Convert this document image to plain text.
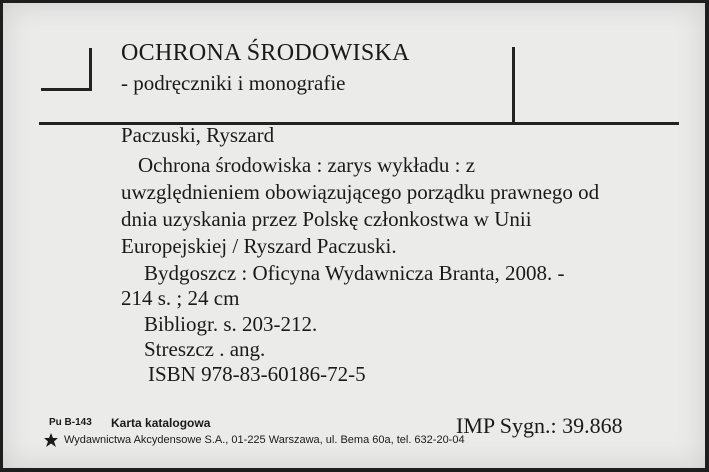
OCHRONA ŚRODOWISKA
- podręczniki i monografie
Paczuski, Ryszard
Ochrona środowiska : zarys wykładu : z
uwzględnieniem obowiązującego porządku prawnego od
dnia uzyskania przez Polskę członkostwa w Unii
Europejskiej / Ryszard Paczuski.
Bydgoszcz : Oficyna Wydawnicza Branta, 2008. -
214 s. ; 24 cm
Bibliogr. s. 203-212.
Streszcz . ang.
ISBN 978-83-60186-72-5
Pu B-143 Karta katalogowa
Wydawnictwa Akcydensowe S.A., 01-225 Warszawa, ul. Bema 60a, tel. 632-20-04
IMP Sygn.: 39.868
